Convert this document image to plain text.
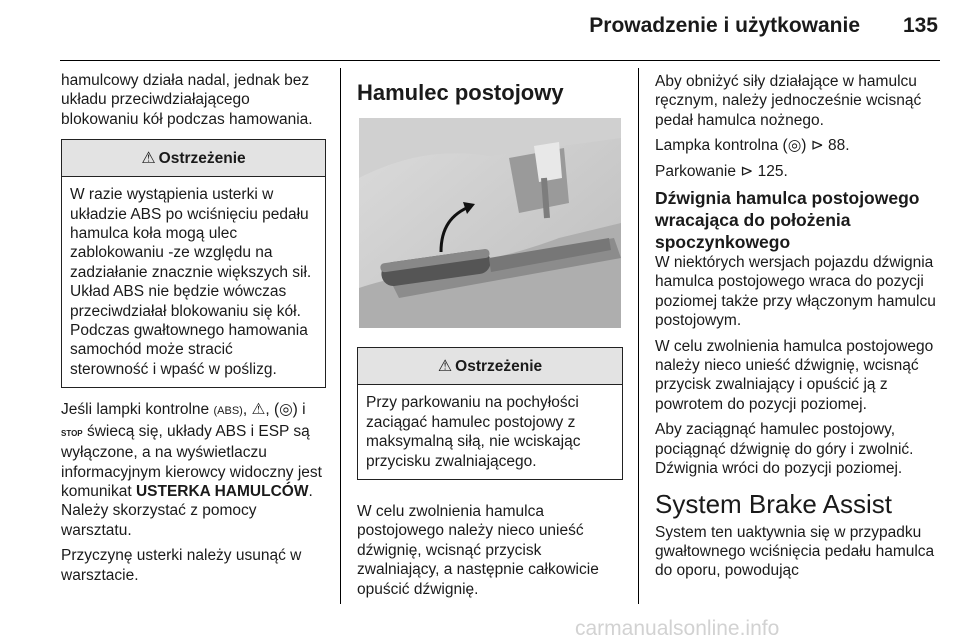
Prowadzenie i użytkowanie	135

hamulcowy działa nadal, jednak bez układu przeciwdziałającego blokowaniu kół podczas hamowania.

⚠ Ostrzeżenie
W razie wystąpienia usterki w układzie ABS po wciśnięciu pedału hamulca koła mogą ulec zablokowaniu ‑ze względu na zadziałanie znacznie większych sił. Układ ABS nie będzie wówczas przeciwdziałał blokowaniu się kół. Podczas gwałtownego hamowania samochód może stracić sterowność i wpaść w poślizg.

Jeśli lampki kontrolne (ABS), ⚠, (◎) i STOP świecą się, układy ABS i ESP są wyłączone, a na wyświetlaczu informacyjnym kierowcy widoczny jest komunikat USTERKA HAMULCÓW. Należy skorzystać z pomocy warsztatu.

Przyczynę usterki należy usunąć w warsztacie.

Hamulec postojowy
⚠ Ostrzeżenie
Przy parkowaniu na pochyłości zaciągać hamulec postojowy z maksymalną siłą, nie wciskając przycisku zwalniającego.

W celu zwolnienia hamulca postojowego należy nieco unieść dźwignię, wcisnąć przycisk zwalniający, a następnie całkowicie opuścić dźwignię.

Aby obniżyć siły działające w hamulcu ręcznym, należy jednocześnie wcisnąć pedał hamulca nożnego.

Lampka kontrolna (◎) ⊳ 88.

Parkowanie ⊳ 125.

Dźwignia hamulca postojowego wracająca do położenia spoczynkowego

W niektórych wersjach pojazdu dźwignia hamulca postojowego wraca do pozycji poziomej także przy włączonym hamulcu postojowym.

W celu zwolnienia hamulca postojowego należy nieco unieść dźwignię, wcisnąć przycisk zwalniający i opuścić ją z powrotem do pozycji poziomej.

Aby zaciągnąć hamulec postojowy, pociągnąć dźwignię do góry i zwolnić. Dźwignia wróci do pozycji poziomej.

System Brake Assist

System ten uaktywnia się w przypadku gwałtownego wciśnięcia pedału hamulca do oporu, powodując

carmanualsonline.info
